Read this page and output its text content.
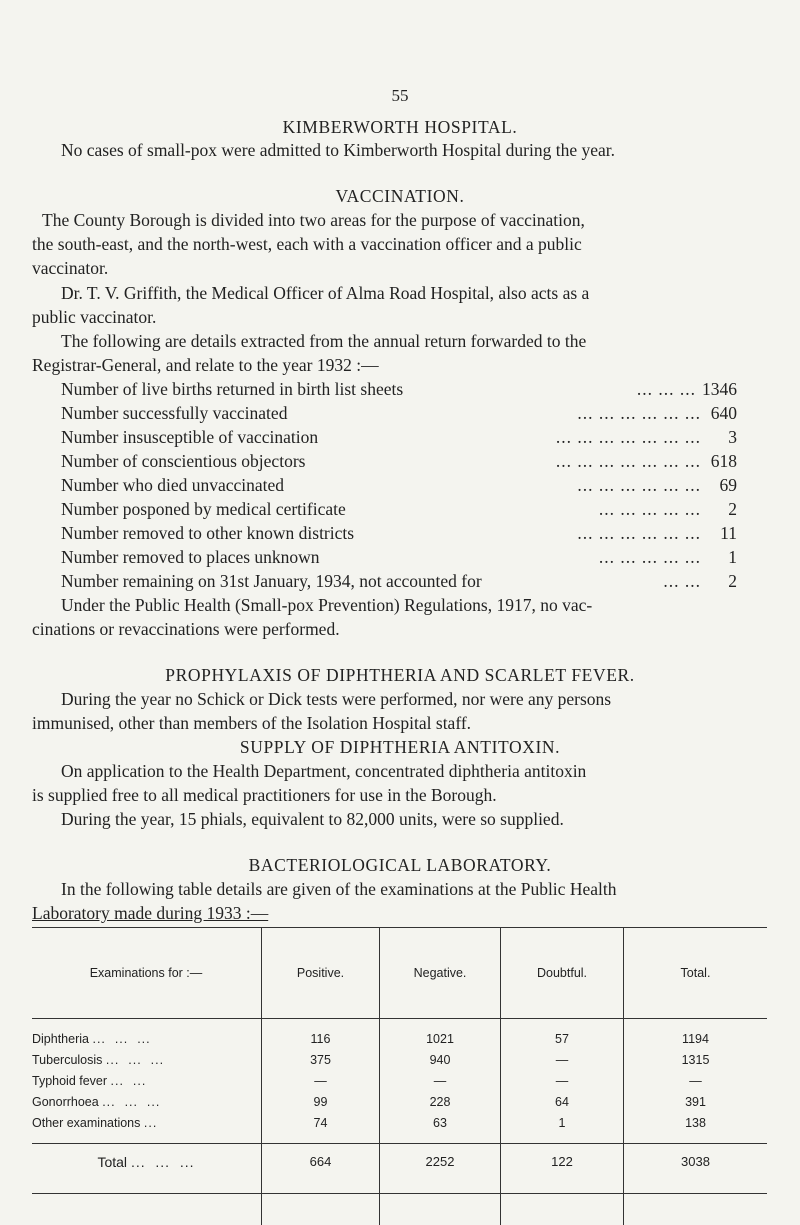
55
KIMBERWORTH HOSPITAL.
No cases of small-pox were admitted to Kimberworth Hospital during the year.
VACCINATION.
The County Borough is divided into two areas for the purpose of vaccination,
the south-east, and the north-west, each with a vaccination officer and a public
vaccinator.
Dr. T. V. Griffith, the Medical Officer of Alma Road Hospital, also acts as a
public vaccinator.
The following are details extracted from the annual return forwarded to the
Registrar-General, and relate to the year 1932 :—
Number of live births returned in birth list sheets	... ... ... 1346
Number successfully vaccinated	... ... ... ... ... ... 640
Number insusceptible of vaccination	... ... ... ... ... ... ...	3
Number of conscientious objectors	... ... ... ... ... ... ... 618
Number who died unvaccinated	... ... ... ... ... ...	69
Number posponed by medical certificate	... ... ... ... ...	2
Number removed to other known districts	... ... ... ... ... ...	11
Number removed to places unknown	... ... ... ... ...	1
Number remaining on 31st January, 1934, not accounted for	... ...	2
Under the Public Health (Small-pox Prevention) Regulations, 1917, no vac-
cinations or revaccinations were performed.
PROPHYLAXIS OF DIPHTHERIA AND SCARLET FEVER.
During the year no Schick or Dick tests were performed, nor were any persons
immunised, other than members of the Isolation Hospital staff.
SUPPLY OF DIPHTHERIA ANTITOXIN.
On application to the Health Department, concentrated diphtheria antitoxin
is supplied free to all medical practitioners for use in the Borough.
During the year, 15 phials, equivalent to 82,000 units, were so supplied.
BACTERIOLOGICAL LABORATORY.
In the following table details are given of the examinations at the Public Health
Laboratory made during 1933 :—
Examinations for :—	Positive.	Negative.	Doubtful.	Total.
Diphtheria ...  ...  ...	116	1021	57	1194
Tuberculosis ...  ...  ...	375	940	—	1315
Typhoid fever ...  ...	—	—	—	—
Gonorrhoea ...  ...  ...	99	228	64	391
Other examinations ...	74	63	1	138

Total ...  ...  ...	664	2252	122	3038
